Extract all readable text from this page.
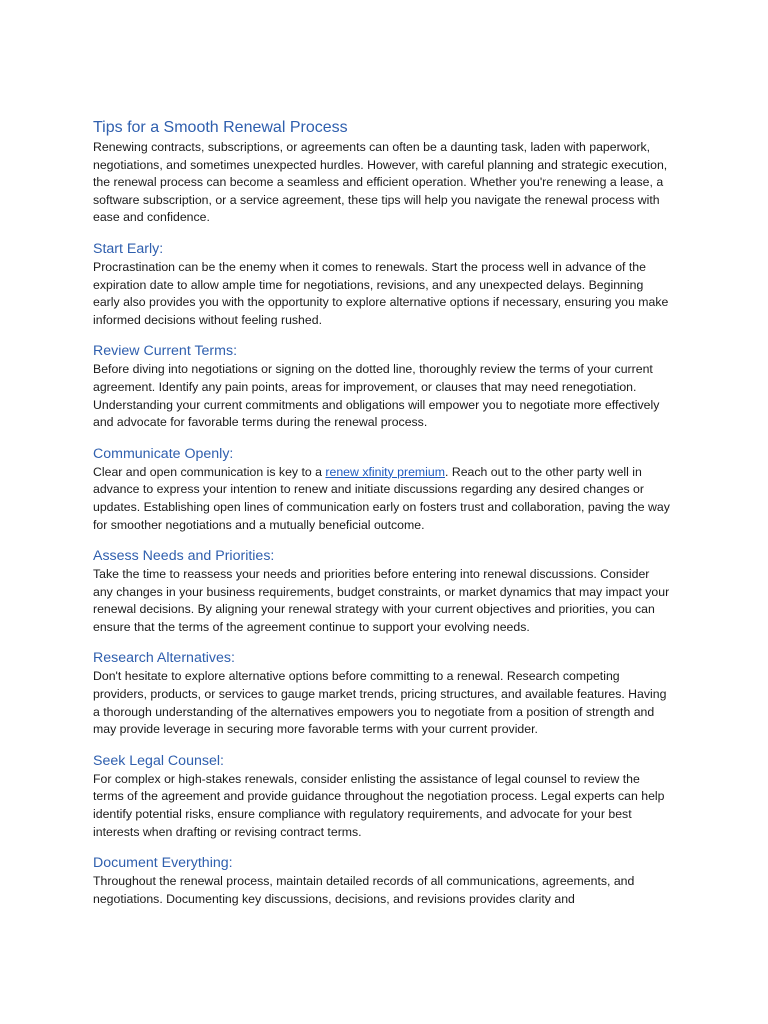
Tips for a Smooth Renewal Process

Renewing contracts, subscriptions, or agreements can often be a daunting task, laden with paperwork, negotiations, and sometimes unexpected hurdles. However, with careful planning and strategic execution, the renewal process can become a seamless and efficient operation. Whether you're renewing a lease, a software subscription, or a service agreement, these tips will help you navigate the renewal process with ease and confidence.

Start Early:

Procrastination can be the enemy when it comes to renewals. Start the process well in advance of the expiration date to allow ample time for negotiations, revisions, and any unexpected delays. Beginning early also provides you with the opportunity to explore alternative options if necessary, ensuring you make informed decisions without feeling rushed.

Review Current Terms:

Before diving into negotiations or signing on the dotted line, thoroughly review the terms of your current agreement. Identify any pain points, areas for improvement, or clauses that may need renegotiation. Understanding your current commitments and obligations will empower you to negotiate more effectively and advocate for favorable terms during the renewal process.

Communicate Openly:

Clear and open communication is key to a renew xfinity premium. Reach out to the other party well in advance to express your intention to renew and initiate discussions regarding any desired changes or updates. Establishing open lines of communication early on fosters trust and collaboration, paving the way for smoother negotiations and a mutually beneficial outcome.

Assess Needs and Priorities:

Take the time to reassess your needs and priorities before entering into renewal discussions. Consider any changes in your business requirements, budget constraints, or market dynamics that may impact your renewal decisions. By aligning your renewal strategy with your current objectives and priorities, you can ensure that the terms of the agreement continue to support your evolving needs.

Research Alternatives:

Don't hesitate to explore alternative options before committing to a renewal. Research competing providers, products, or services to gauge market trends, pricing structures, and available features. Having a thorough understanding of the alternatives empowers you to negotiate from a position of strength and may provide leverage in securing more favorable terms with your current provider.

Seek Legal Counsel:

For complex or high-stakes renewals, consider enlisting the assistance of legal counsel to review the terms of the agreement and provide guidance throughout the negotiation process. Legal experts can help identify potential risks, ensure compliance with regulatory requirements, and advocate for your best interests when drafting or revising contract terms.

Document Everything:

Throughout the renewal process, maintain detailed records of all communications, agreements, and negotiations. Documenting key discussions, decisions, and revisions provides clarity and
